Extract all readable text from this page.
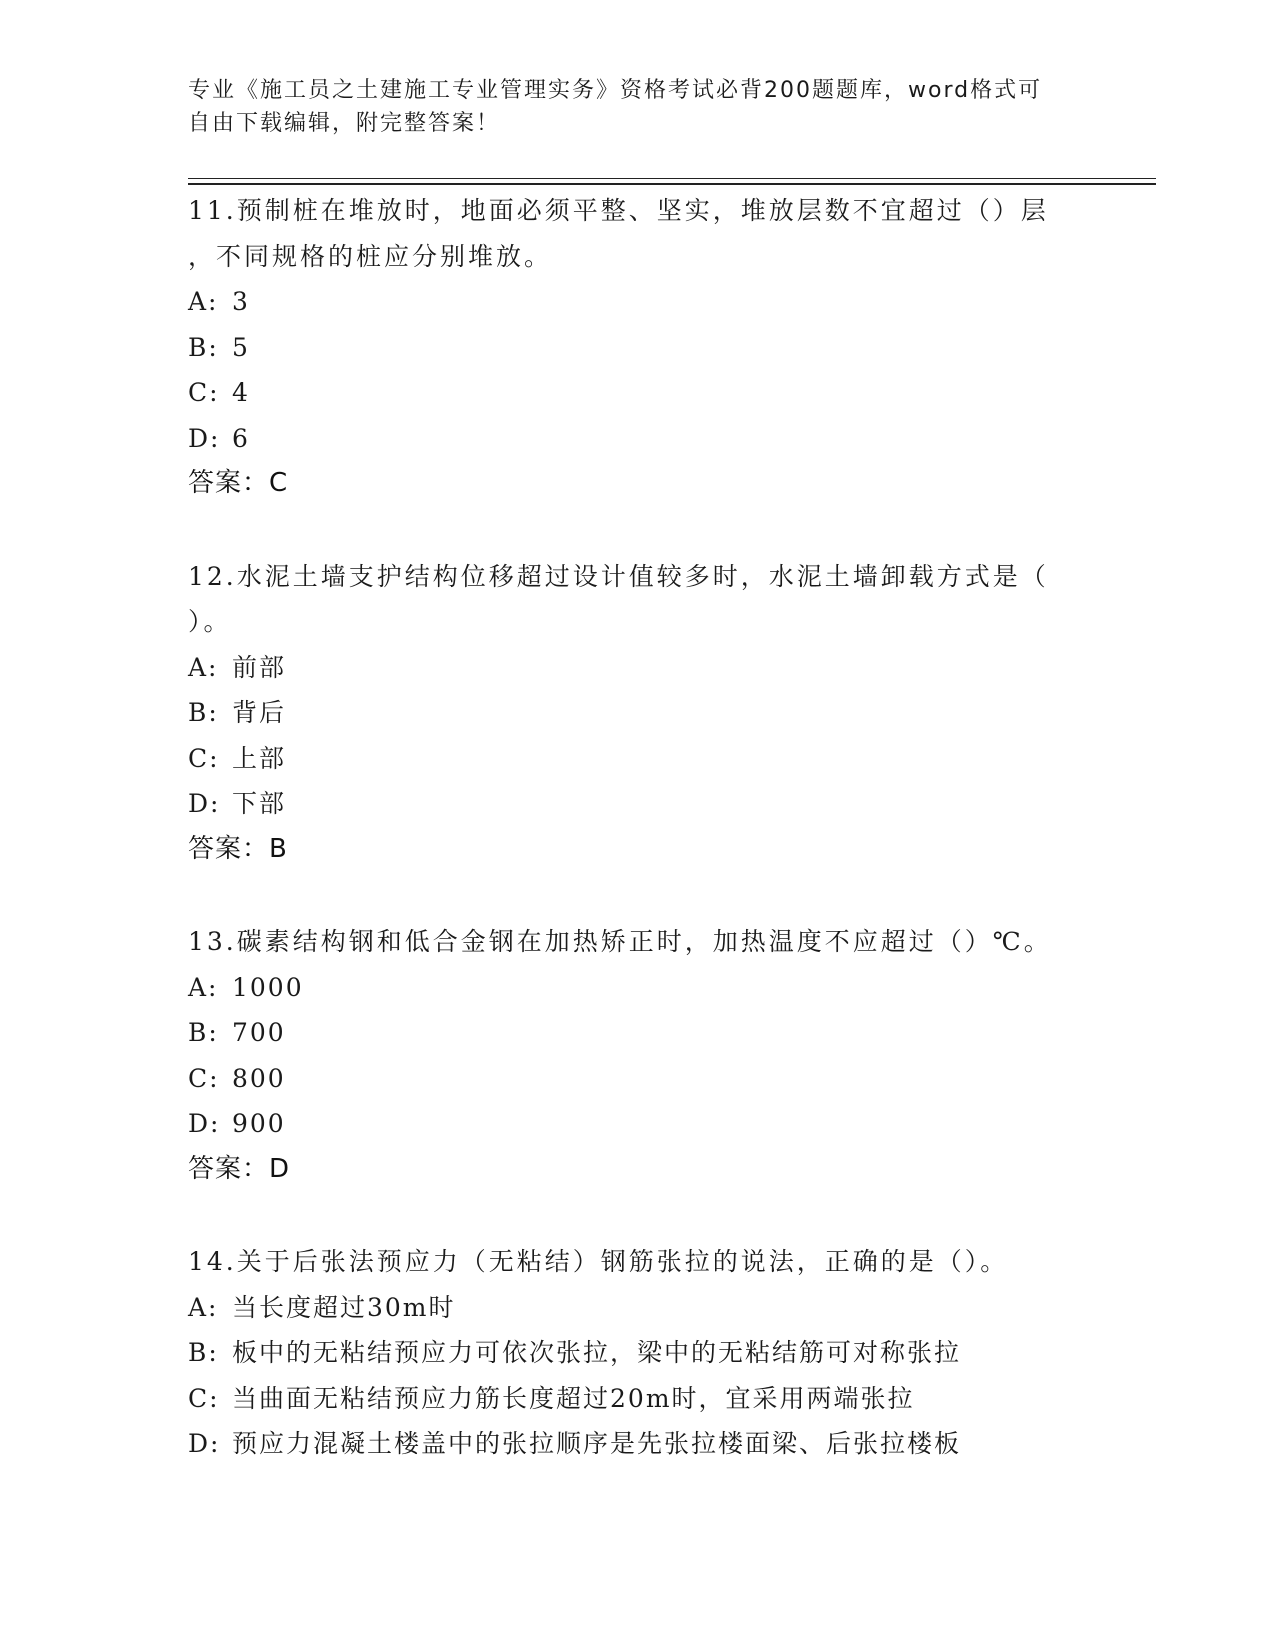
专业《施工员之土建施工专业管理实务》资格考试必背200题题库，word格式可
自由下载编辑，附完整答案！
11.预制桩在堆放时，地面必须平整、坚实，堆放层数不宜超过（）层
，不同规格的桩应分别堆放。
A: 3
B: 5
C: 4
D: 6
答案：C
12.水泥土墙支护结构位移超过设计值较多时，水泥土墙卸载方式是（
）。
A: 前部
B: 背后
C: 上部
D: 下部
答案：B
13.碳素结构钢和低合金钢在加热矫正时，加热温度不应超过（）℃。
A: 1000
B: 700
C: 800
D: 900
答案：D
14.关于后张法预应力（无粘结）钢筋张拉的说法，正确的是（）。
A: 当长度超过30m时
B: 板中的无粘结预应力可依次张拉，梁中的无粘结筋可对称张拉
C: 当曲面无粘结预应力筋长度超过20m时，宜采用两端张拉
D: 预应力混凝土楼盖中的张拉顺序是先张拉楼面梁、后张拉楼板
